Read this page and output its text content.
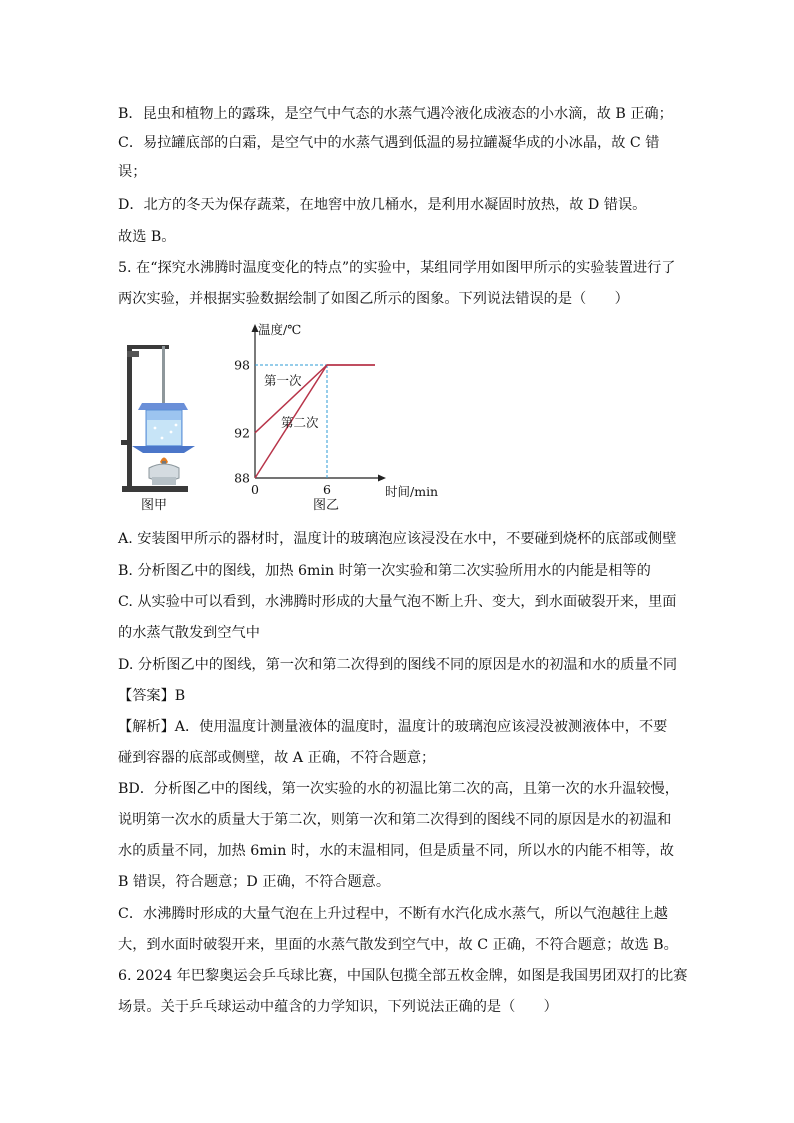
B．昆虫和植物上的露珠，是空气中气态的水蒸气遇冷液化成液态的小水滴，故 B 正确；
C．易拉罐底部的白霜，是空气中的水蒸气遇到低温的易拉罐凝华成的小冰晶，故 C 错
误；
D．北方的冬天为保存蔬菜，在地窖中放几桶水，是利用水凝固时放热，故 D 错误。
故选 B。
5. 在“探究水沸腾时温度变化的特点”的实验中，某组同学用如图甲所示的实验装置进行了
两次实验，并根据实验数据绘制了如图乙所示的图象。下列说法错误的是（　　）
图甲
88
92
98
0	6
温度/℃
时间/min
第一次
第二次
图乙
A. 安装图甲所示的器材时，温度计的玻璃泡应该浸没在水中，不要碰到烧杯的底部或侧壁
B. 分析图乙中的图线，加热 6min 时第一次实验和第二次实验所用水的内能是相等的
C. 从实验中可以看到，水沸腾时形成的大量气泡不断上升、变大，到水面破裂开来，里面
的水蒸气散发到空气中
D. 分析图乙中的图线，第一次和第二次得到的图线不同的原因是水的初温和水的质量不同
【答案】B
【解析】A．使用温度计测量液体的温度时，温度计的玻璃泡应该浸没被测液体中，不要
碰到容器的底部或侧壁，故 A 正确，不符合题意；
BD．分析图乙中的图线，第一次实验的水的初温比第二次的高，且第一次的水升温较慢，
说明第一次水的质量大于第二次，则第一次和第二次得到的图线不同的原因是水的初温和
水的质量不同，加热 6min 时，水的末温相同，但是质量不同，所以水的内能不相等，故
B 错误，符合题意；D 正确，不符合题意。
C．水沸腾时形成的大量气泡在上升过程中，不断有水汽化成水蒸气，所以气泡越往上越
大，到水面时破裂开来，里面的水蒸气散发到空气中，故 C 正确，不符合题意；故选 B。
6. 2024 年巴黎奥运会乒乓球比赛，中国队包揽全部五枚金牌，如图是我国男团双打的比赛
场景。关于乒乓球运动中蕴含的力学知识，下列说法正确的是（　　）
